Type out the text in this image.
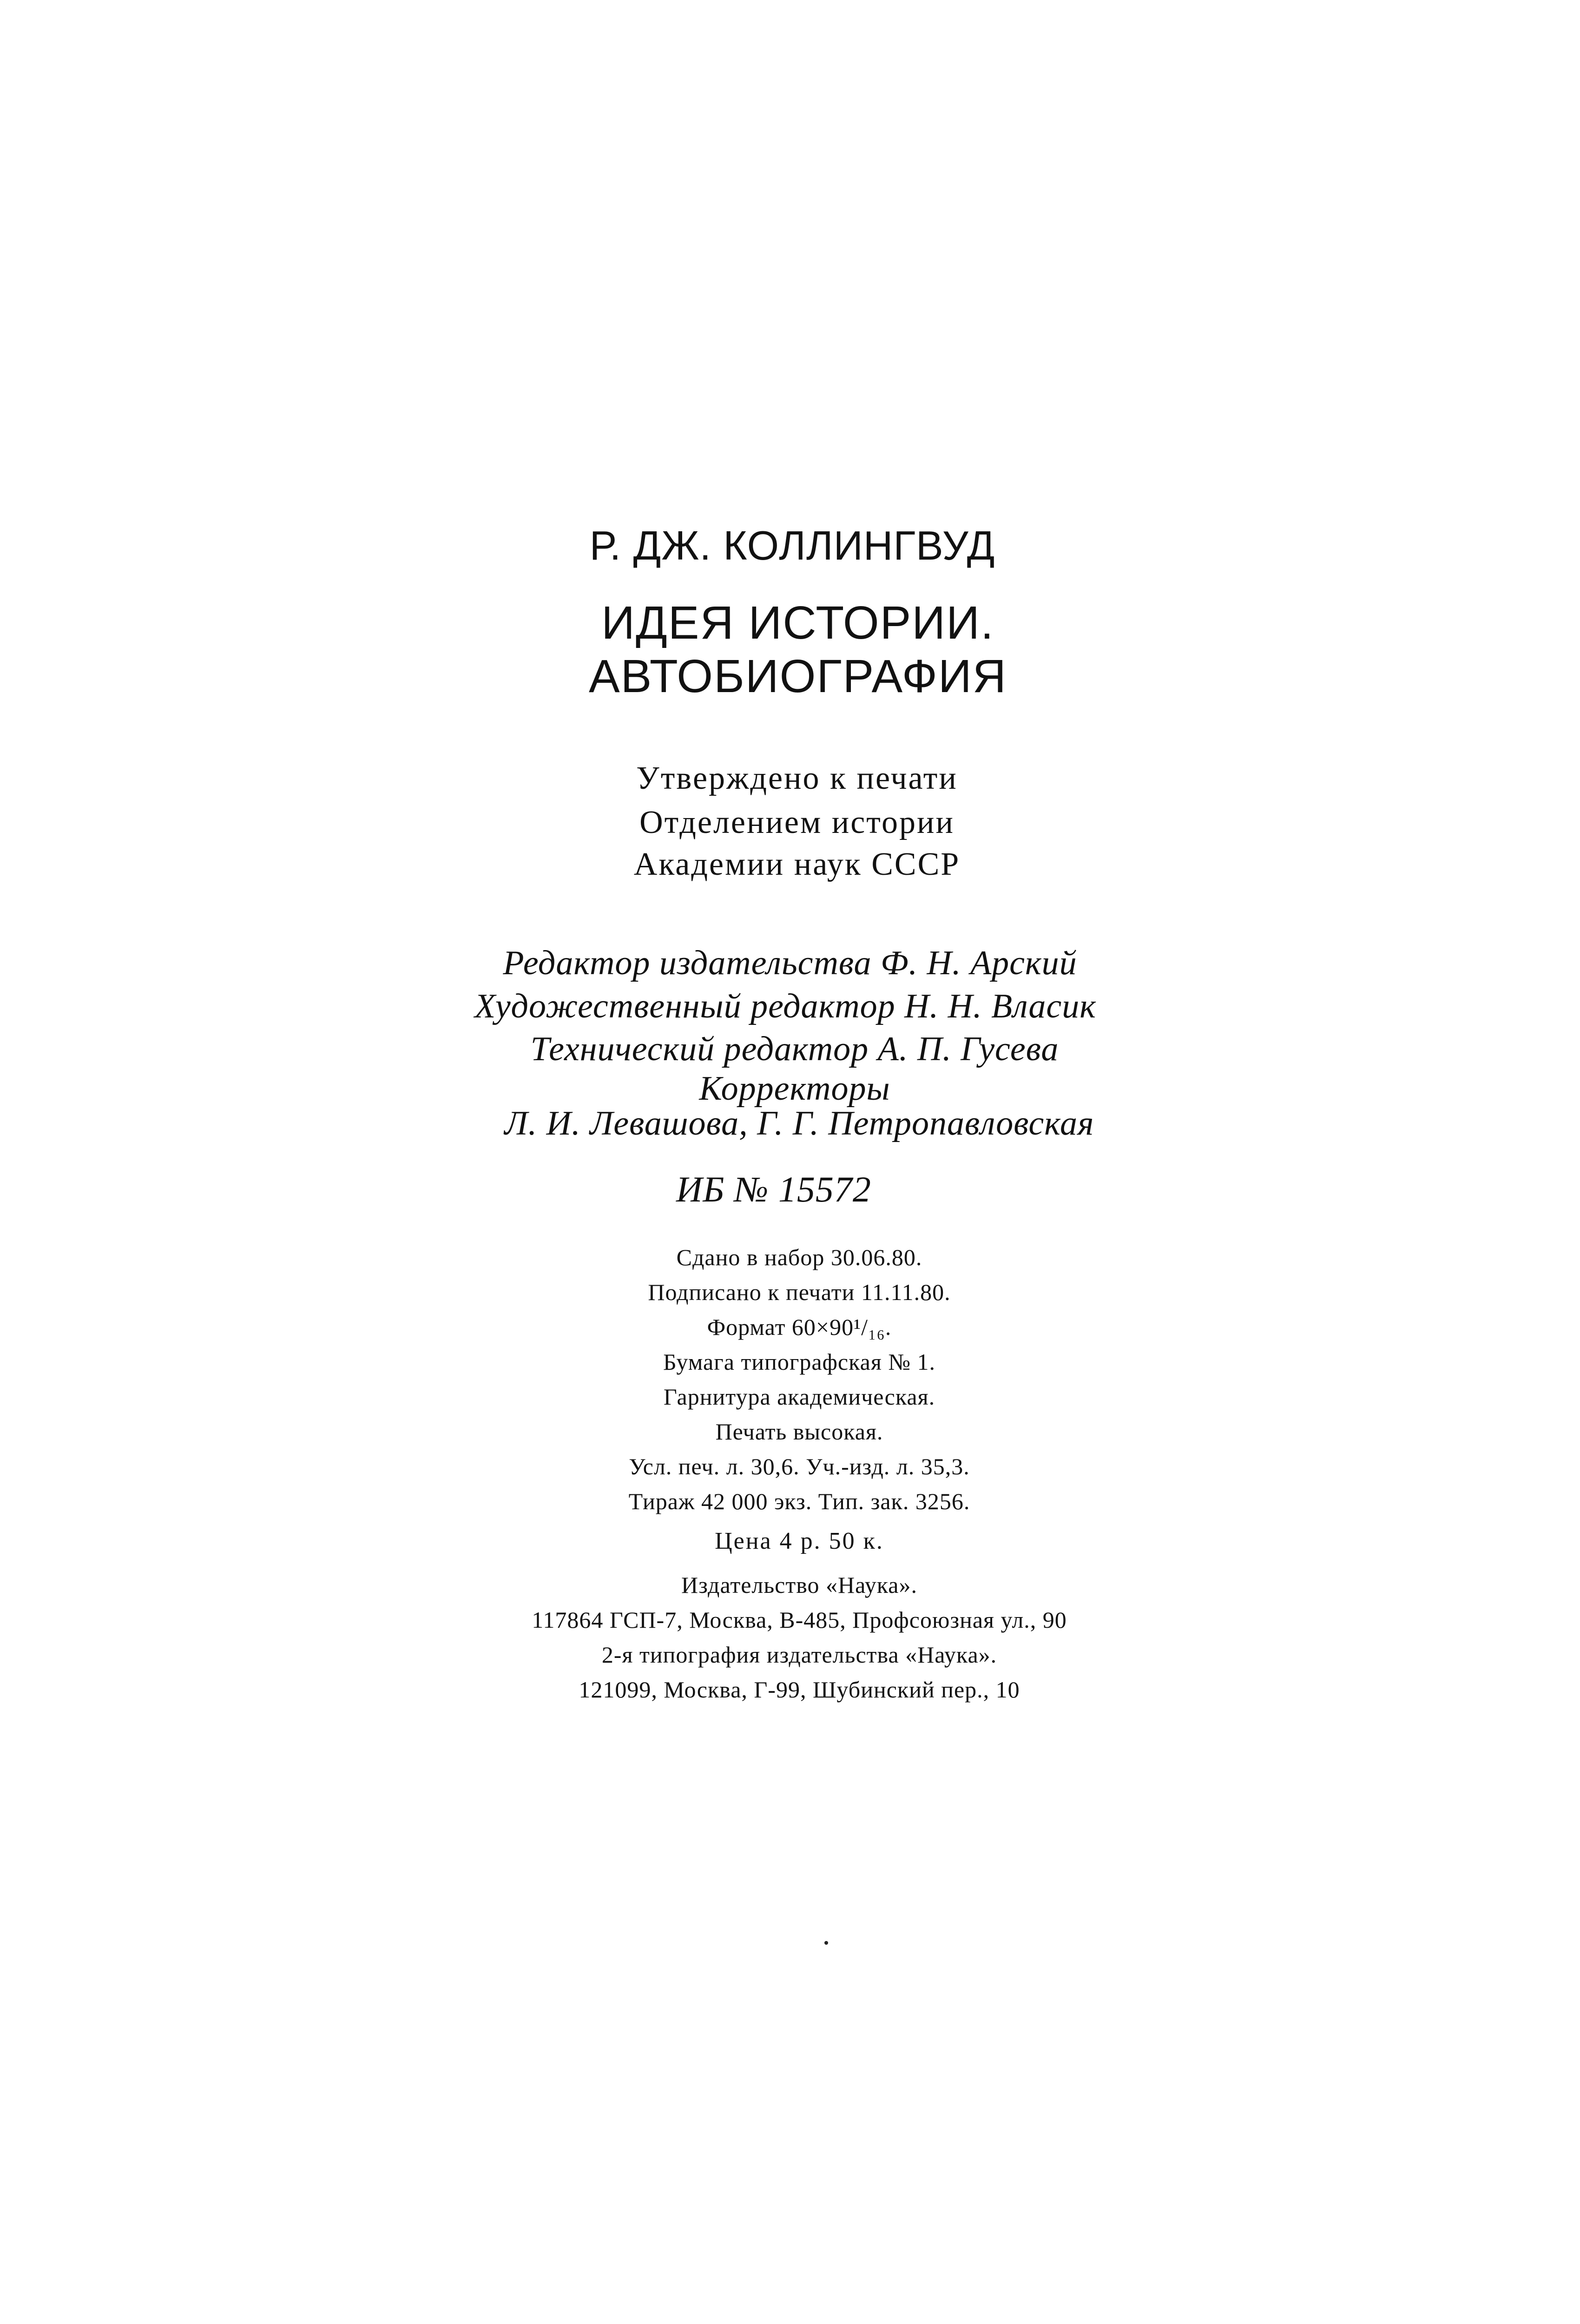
Р. ДЖ. КОЛЛИНГВУД

ИДЕЯ ИСТОРИИ.

АВТОБИОГРАФИЯ

Утверждено к печати

Отделением истории

Академии наук СССР

Редактор издательства Ф. Н. Арский

Художественный редактор Н. Н. Власик

Технический редактор А. П. Гусева

Корректоры

Л. И. Левашова, Г. Г. Петропавловская

ИБ № 15572

Сдано в набор 30.06.80.

Подписано к печати 11.11.80.

Формат 60×90¹/₁₆.

Бумага типографская № 1.

Гарнитура академическая.

Печать высокая.

Усл. печ. л. 30,6. Уч.-изд. л. 35,3.

Тираж 42 000 экз. Тип. зак. 3256.

Цена 4 р. 50 к.

Издательство «Наука».

117864 ГСП-7, Москва, В-485, Профсоюзная ул., 90

2-я типография издательства «Наука».

121099, Москва, Г-99, Шубинский пер., 10
